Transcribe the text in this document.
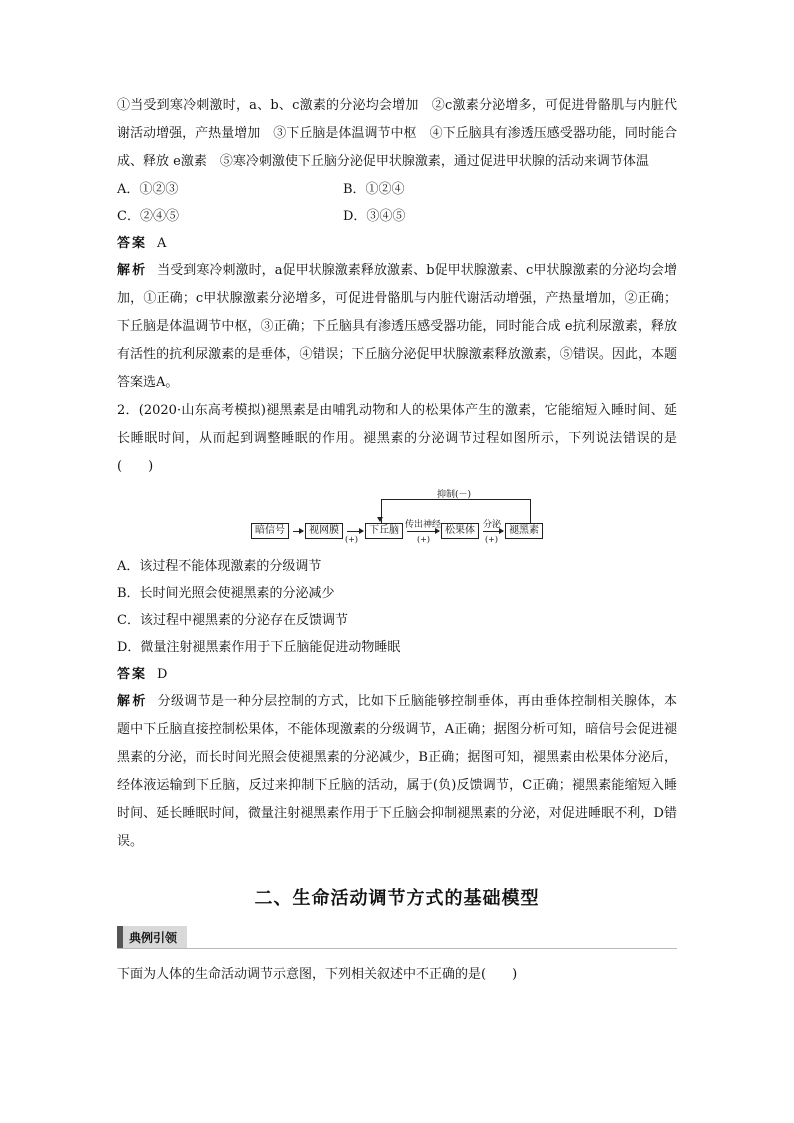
①当受到寒冷刺激时，a、b、c激素的分泌均会增加　②c激素分泌增多，可促进骨骼肌与内脏代谢活动增强，产热量增加　③下丘脑是体温调节中枢　④下丘脑具有渗透压感受器功能，同时能合成、释放 e激素　⑤寒冷刺激使下丘脑分泌促甲状腺激素，通过促进甲状腺的活动来调节体温

A．①②③	B．①②④
C．②④⑤	D．③④⑤
答案 A

解析 当受到寒冷刺激时，a促甲状腺激素释放激素、b促甲状腺激素、c甲状腺激素的分泌均会增加，①正确；c甲状腺激素分泌增多，可促进骨骼肌与内脏代谢活动增强，产热量增加，②正确；下丘脑是体温调节中枢，③正确；下丘脑具有渗透压感受器功能，同时能合成 e抗利尿激素，释放有活性的抗利尿激素的是垂体，④错误；下丘脑分泌促甲状腺激素释放激素，⑤错误。因此，本题答案选A。

2．(2020·山东高考模拟)褪黑素是由哺乳动物和人的松果体产生的激素，它能缩短入睡时间、延长睡眠时间，从而起到调整睡眠的作用。褪黑素的分泌调节过程如图所示，下列说法错误的是(　　)

抑制(－)
暗信号	视网膜
(+)
下丘脑 传出神经
(+)
松果体 分泌
(+)
褪黑素
A．该过程不能体现激素的分级调节
B．长时间光照会使褪黑素的分泌减少
C．该过程中褪黑素的分泌存在反馈调节
D．微量注射褪黑素作用于下丘脑能促进动物睡眠
答案 D

解析 分级调节是一种分层控制的方式，比如下丘脑能够控制垂体，再由垂体控制相关腺体，本题中下丘脑直接控制松果体，不能体现激素的分级调节，A正确；据图分析可知，暗信号会促进褪黑素的分泌，而长时间光照会使褪黑素的分泌减少，B正确；据图可知，褪黑素由松果体分泌后，经体液运输到下丘脑，反过来抑制下丘脑的活动，属于(负)反馈调节，C正确；褪黑素能缩短入睡时间、延长睡眠时间，微量注射褪黑素作用于下丘脑会抑制褪黑素的分泌，对促进睡眠不利，D错误。

二、生命活动调节方式的基础模型
典例引领

下面为人体的生命活动调节示意图，下列相关叙述中不正确的是(　　)
